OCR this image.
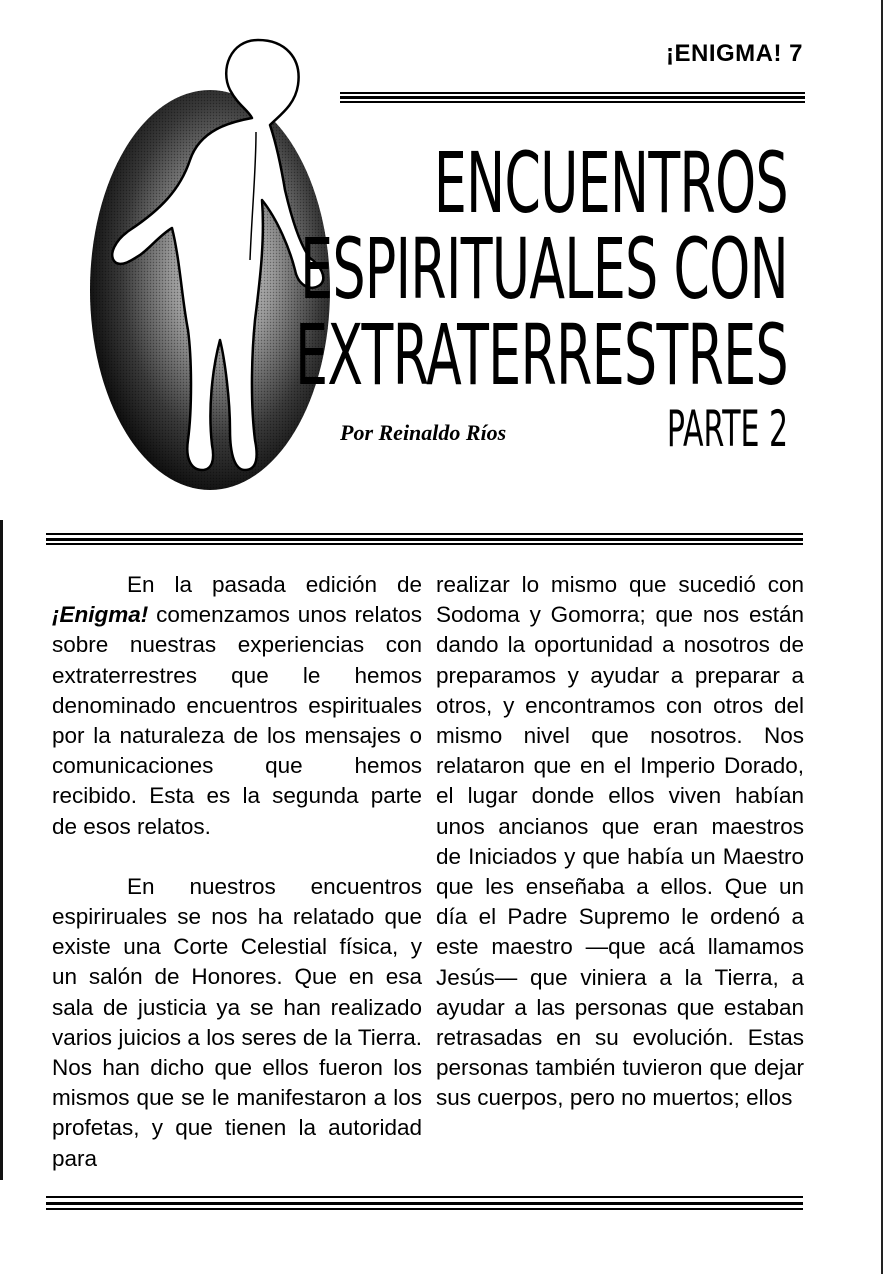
¡ENIGMA! 7
ENCUENTROS
ESPIRITUALES CON
EXTRATERRESTRES
Por Reinaldo Ríos	PARTE 2

En la pasada edición de ¡Enigma! comenzamos unos relatos sobre nuestras experiencias con extraterrestres que le hemos denominado encuentros espirituales por la naturaleza de los mensajes o comunicaciones que hemos recibido. Esta es la segunda parte de esos relatos.

En nuestros encuentros espiriruales se nos ha relatado que existe una Corte Celestial física, y un salón de Honores. Que en esa sala de justicia ya se han realizado varios juicios a los seres de la Tierra. Nos han dicho que ellos fueron los mismos que se le manifestaron a los profetas, y que tienen la autoridad para

realizar lo mismo que sucedió con Sodoma y Gomorra; que nos están dando la oportunidad a nosotros de preparamos y ayudar a preparar a otros, y encontramos con otros del mismo nivel que nosotros. Nos relataron que en el Imperio Dorado, el lugar donde ellos viven habían unos ancianos que eran maestros de Iniciados y que había un Maestro que les enseñaba a ellos. Que un día el Padre Supremo le ordenó a este maestro —que acá llamamos Jesús— que viniera a la Tierra, a ayudar a las personas que estaban retrasadas en su evolución. Estas personas también tuvieron que dejar sus cuerpos, pero no muertos; ellos
